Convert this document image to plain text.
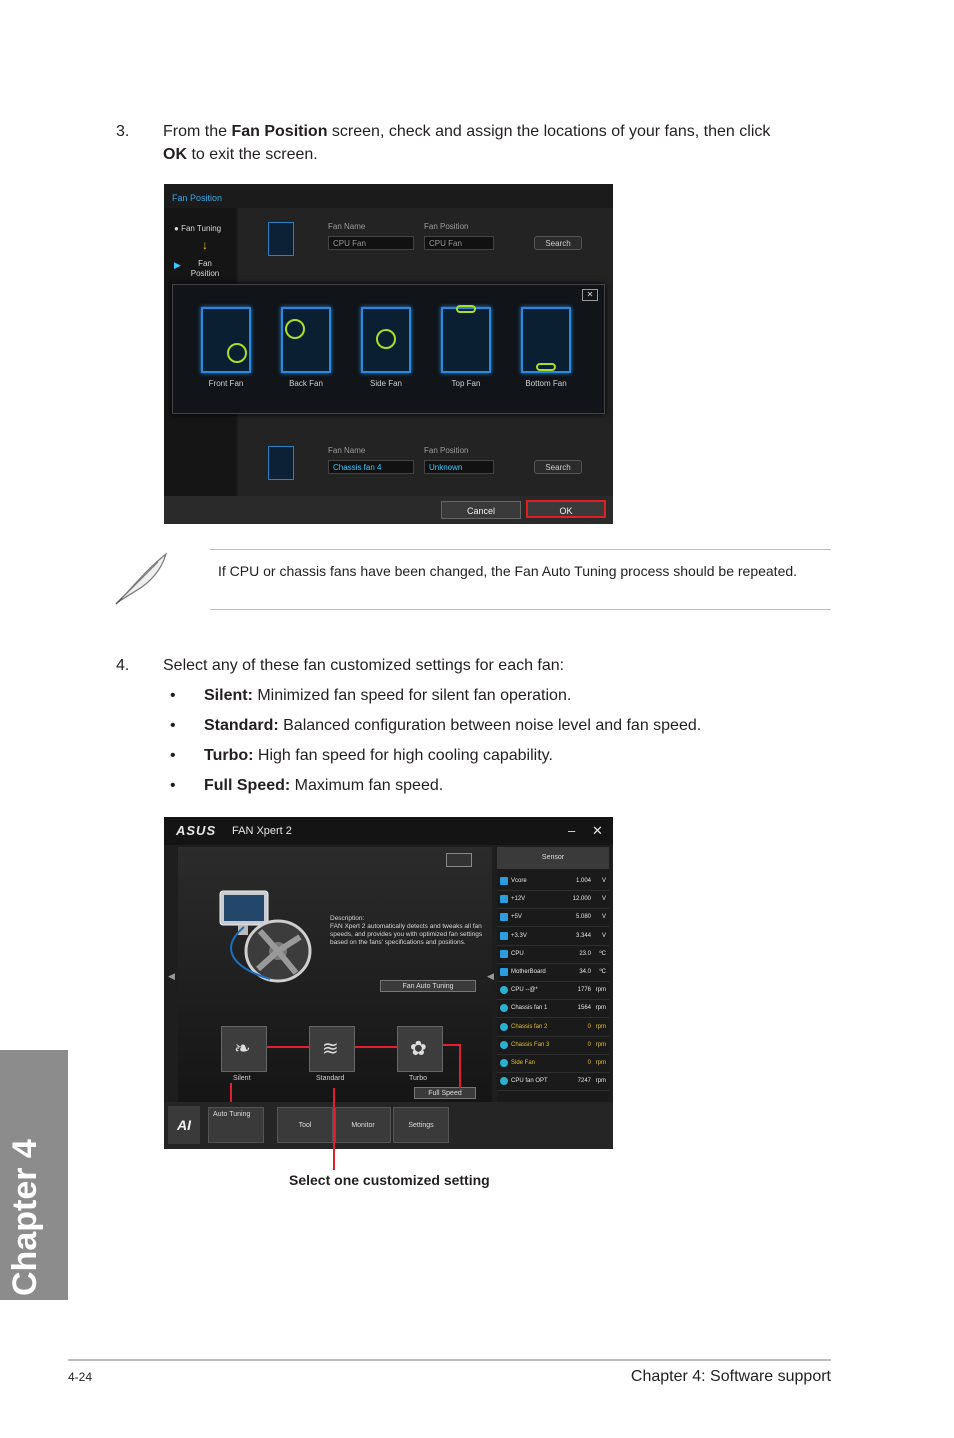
3. From the Fan Position screen, check and assign the locations of your fans, then click
OK to exit the screen.
Fan Position
● Fan Tuning
↓
▶	Fan Position
Fan Name	Fan Position
CPU Fan	CPU Fan	Search
Fan Name	Fan Position
Chassis fan 4	Unknown	Search
✕
Front Fan	Back Fan	Side Fan	Top Fan	Bottom Fan
Cancel	OK
If CPU or chassis fans have been changed, the Fan Auto Tuning process should be repeated.
4. Select any of these fan customized settings for each fan:
• Silent: Minimized fan speed for silent fan operation.
• Standard: Balanced configuration between noise level and fan speed.
• Turbo: High fan speed for high cooling capability.
• Full Speed: Maximum fan speed.
ASUS FAN Xpert 2	– ✕
◀
Description:
FAN Xpert 2 automatically detects and tweaks all fan speeds, and provides you with optimized fan settings based on the fans' specifications and positions.
Fan Auto Tuning
❧	≋	✿
Silent	Standard	Turbo
Full Speed
◀
Sensor
Vcore	1.004 V
+12V	12.000 V
+5V	5.080 V
+3.3V	3.344 V
CPU	23.0 ºC
MotherBoard	34.0 ºC
CPU --@*	1776 rpm
Chassis fan 1	1564 rpm
Chassis fan 2	0 rpm
Chassis Fan 3	0 rpm
Side Fan	0 rpm
CPU fan OPT	7247 rpm
AI
Auto Tuning
Tool	Monitor	Settings
Select one customized setting
Chapter 4
4-24	Chapter 4: Software support
